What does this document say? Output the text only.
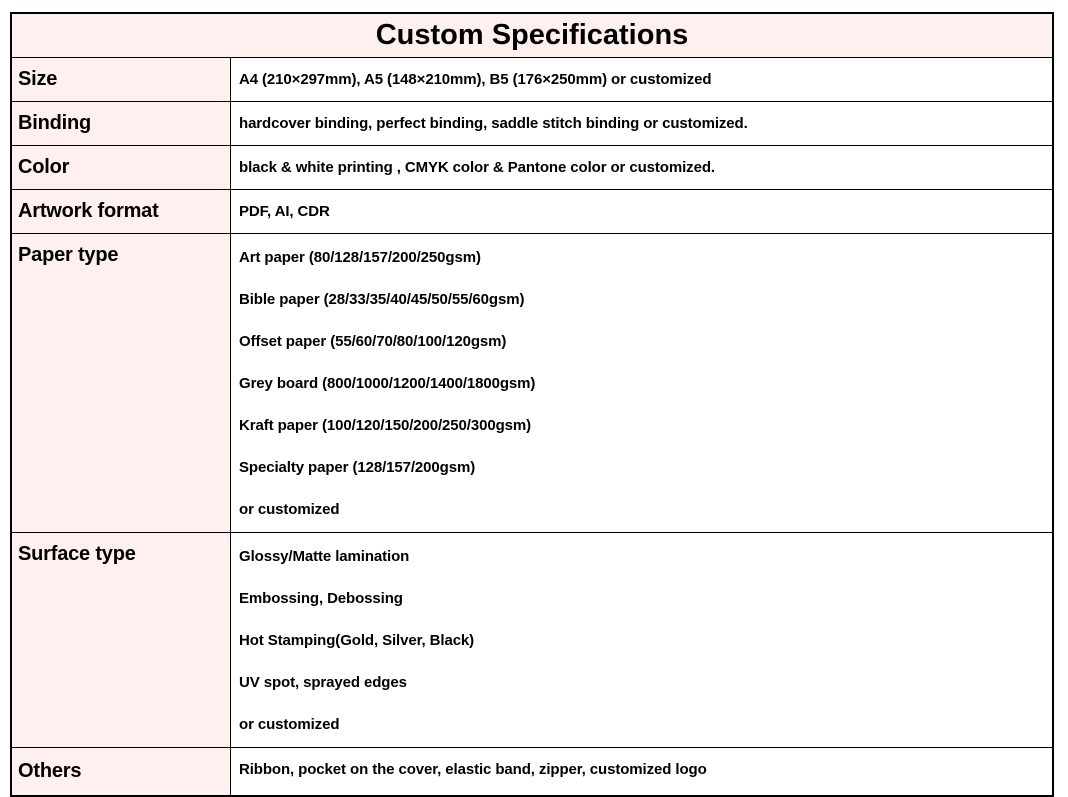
Custom Specifications
Size	A4 (210×297mm), A5 (148×210mm), B5 (176×250mm) or customized
Binding	hardcover binding, perfect binding, saddle stitch binding or customized.
Color	black & white printing , CMYK color & Pantone color or customized.
Artwork format	PDF, AI, CDR
Paper type	Art paper (80/128/157/200/250gsm)
Bible paper (28/33/35/40/45/50/55/60gsm)
Offset paper (55/60/70/80/100/120gsm)
Grey board (800/1000/1200/1400/1800gsm)
Kraft paper (100/120/150/200/250/300gsm)
Specialty paper (128/157/200gsm)
or customized
Surface type	Glossy/Matte lamination
Embossing, Debossing
Hot Stamping(Gold, Silver, Black)
UV spot, sprayed edges
or customized
Others	Ribbon, pocket on the cover, elastic band, zipper, customized logo
